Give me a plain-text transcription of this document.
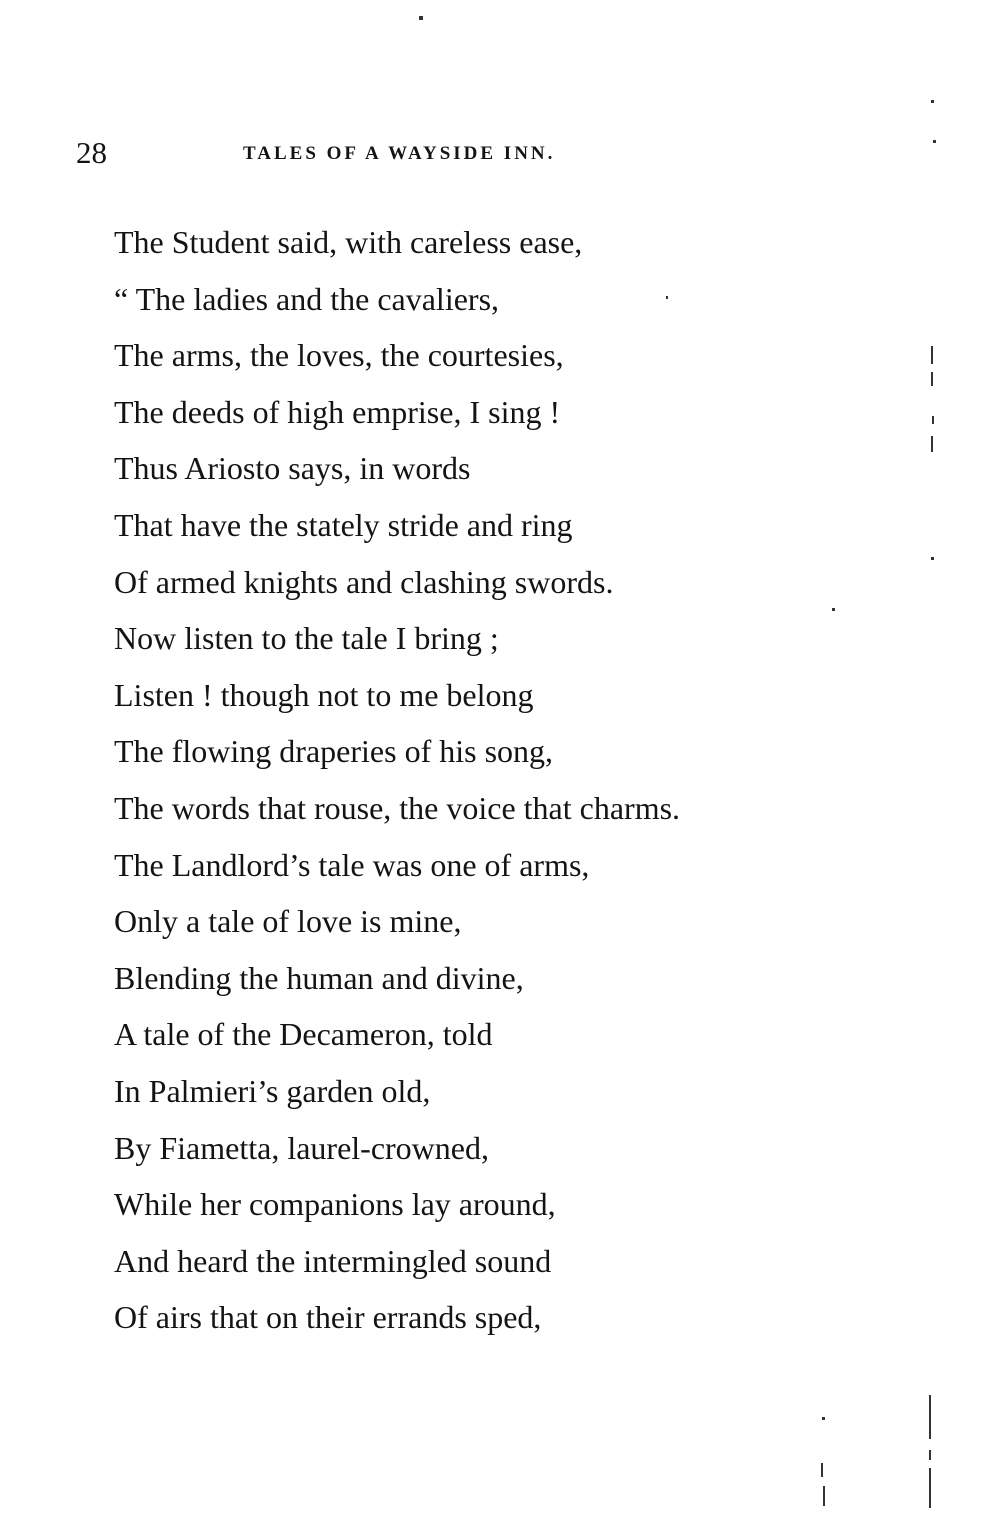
28	TALES OF A WAYSIDE INN.
The Student said, with careless ease,
“ The ladies and the cavaliers,
The arms, the loves, the courtesies,
The deeds of high emprise, I sing !
Thus Ariosto says, in words
That have the stately stride and ring
Of armed knights and clashing swords.
Now listen to the tale I bring ;
Listen ! though not to me belong
The flowing draperies of his song,
The words that rouse, the voice that charms.
The Landlord’s tale was one of arms,
Only a tale of love is mine,
Blending the human and divine,
A tale of the Decameron, told
In Palmieri’s garden old,
By Fiametta, laurel-crowned,
While her companions lay around,
And heard the intermingled sound
Of airs that on their errands sped,
